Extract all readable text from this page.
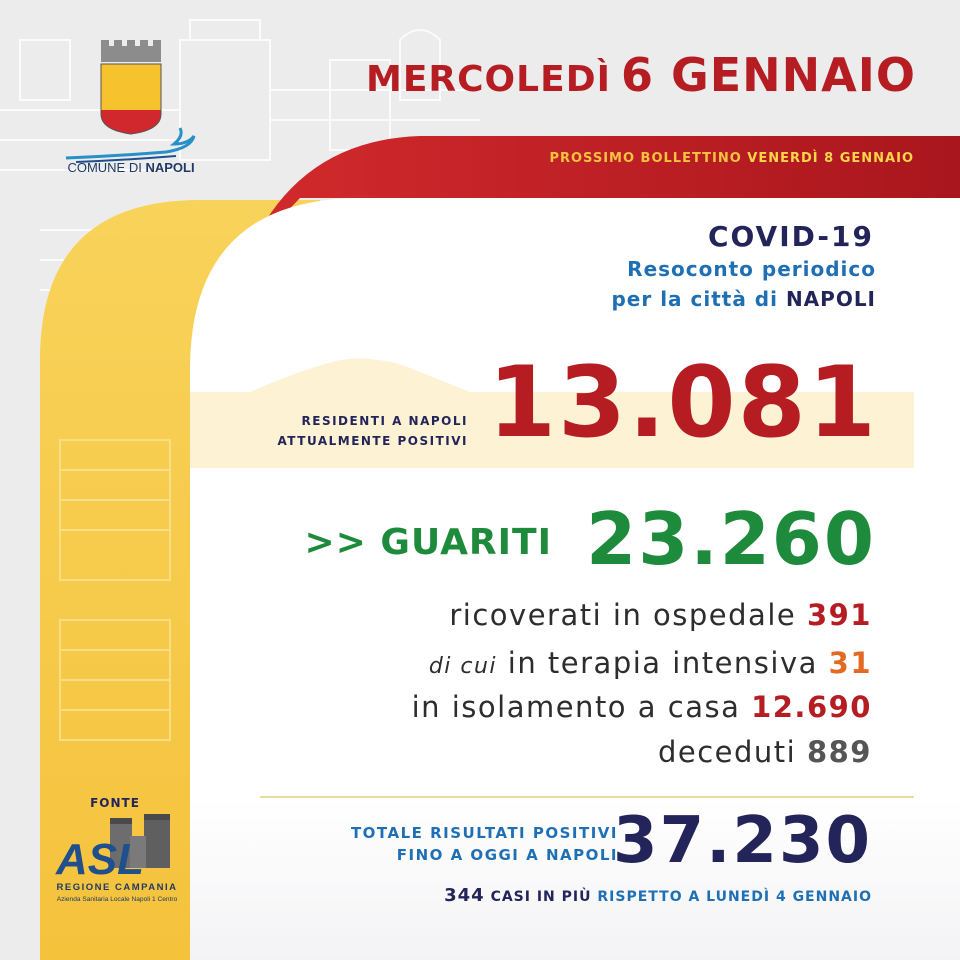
MERCOLEDÌ 6 GENNAIO
COMUNE DI NAPOLI
PROSSIMO BOLLETTINO VENERDÌ 8 GENNAIO
COVID-19
Resoconto periodico
per la città di NAPOLI
RESIDENTI A NAPOLI
ATTUALMENTE POSITIVI 13.081
>> GUARITI 23.260
ricoverati in ospedale 391
di cui in terapia intensiva 31
in isolamento a casa 12.690
deceduti 889
TOTALE RISULTATI POSITIVI
FINO A OGGI A NAPOLI
37.230
344 CASI IN PIÙ RISPETTO A LUNEDÌ 4 GENNAIO
FONTE
ASL
REGIONE CAMPANIA
Azienda Sanitaria Locale Napoli 1 Centro
